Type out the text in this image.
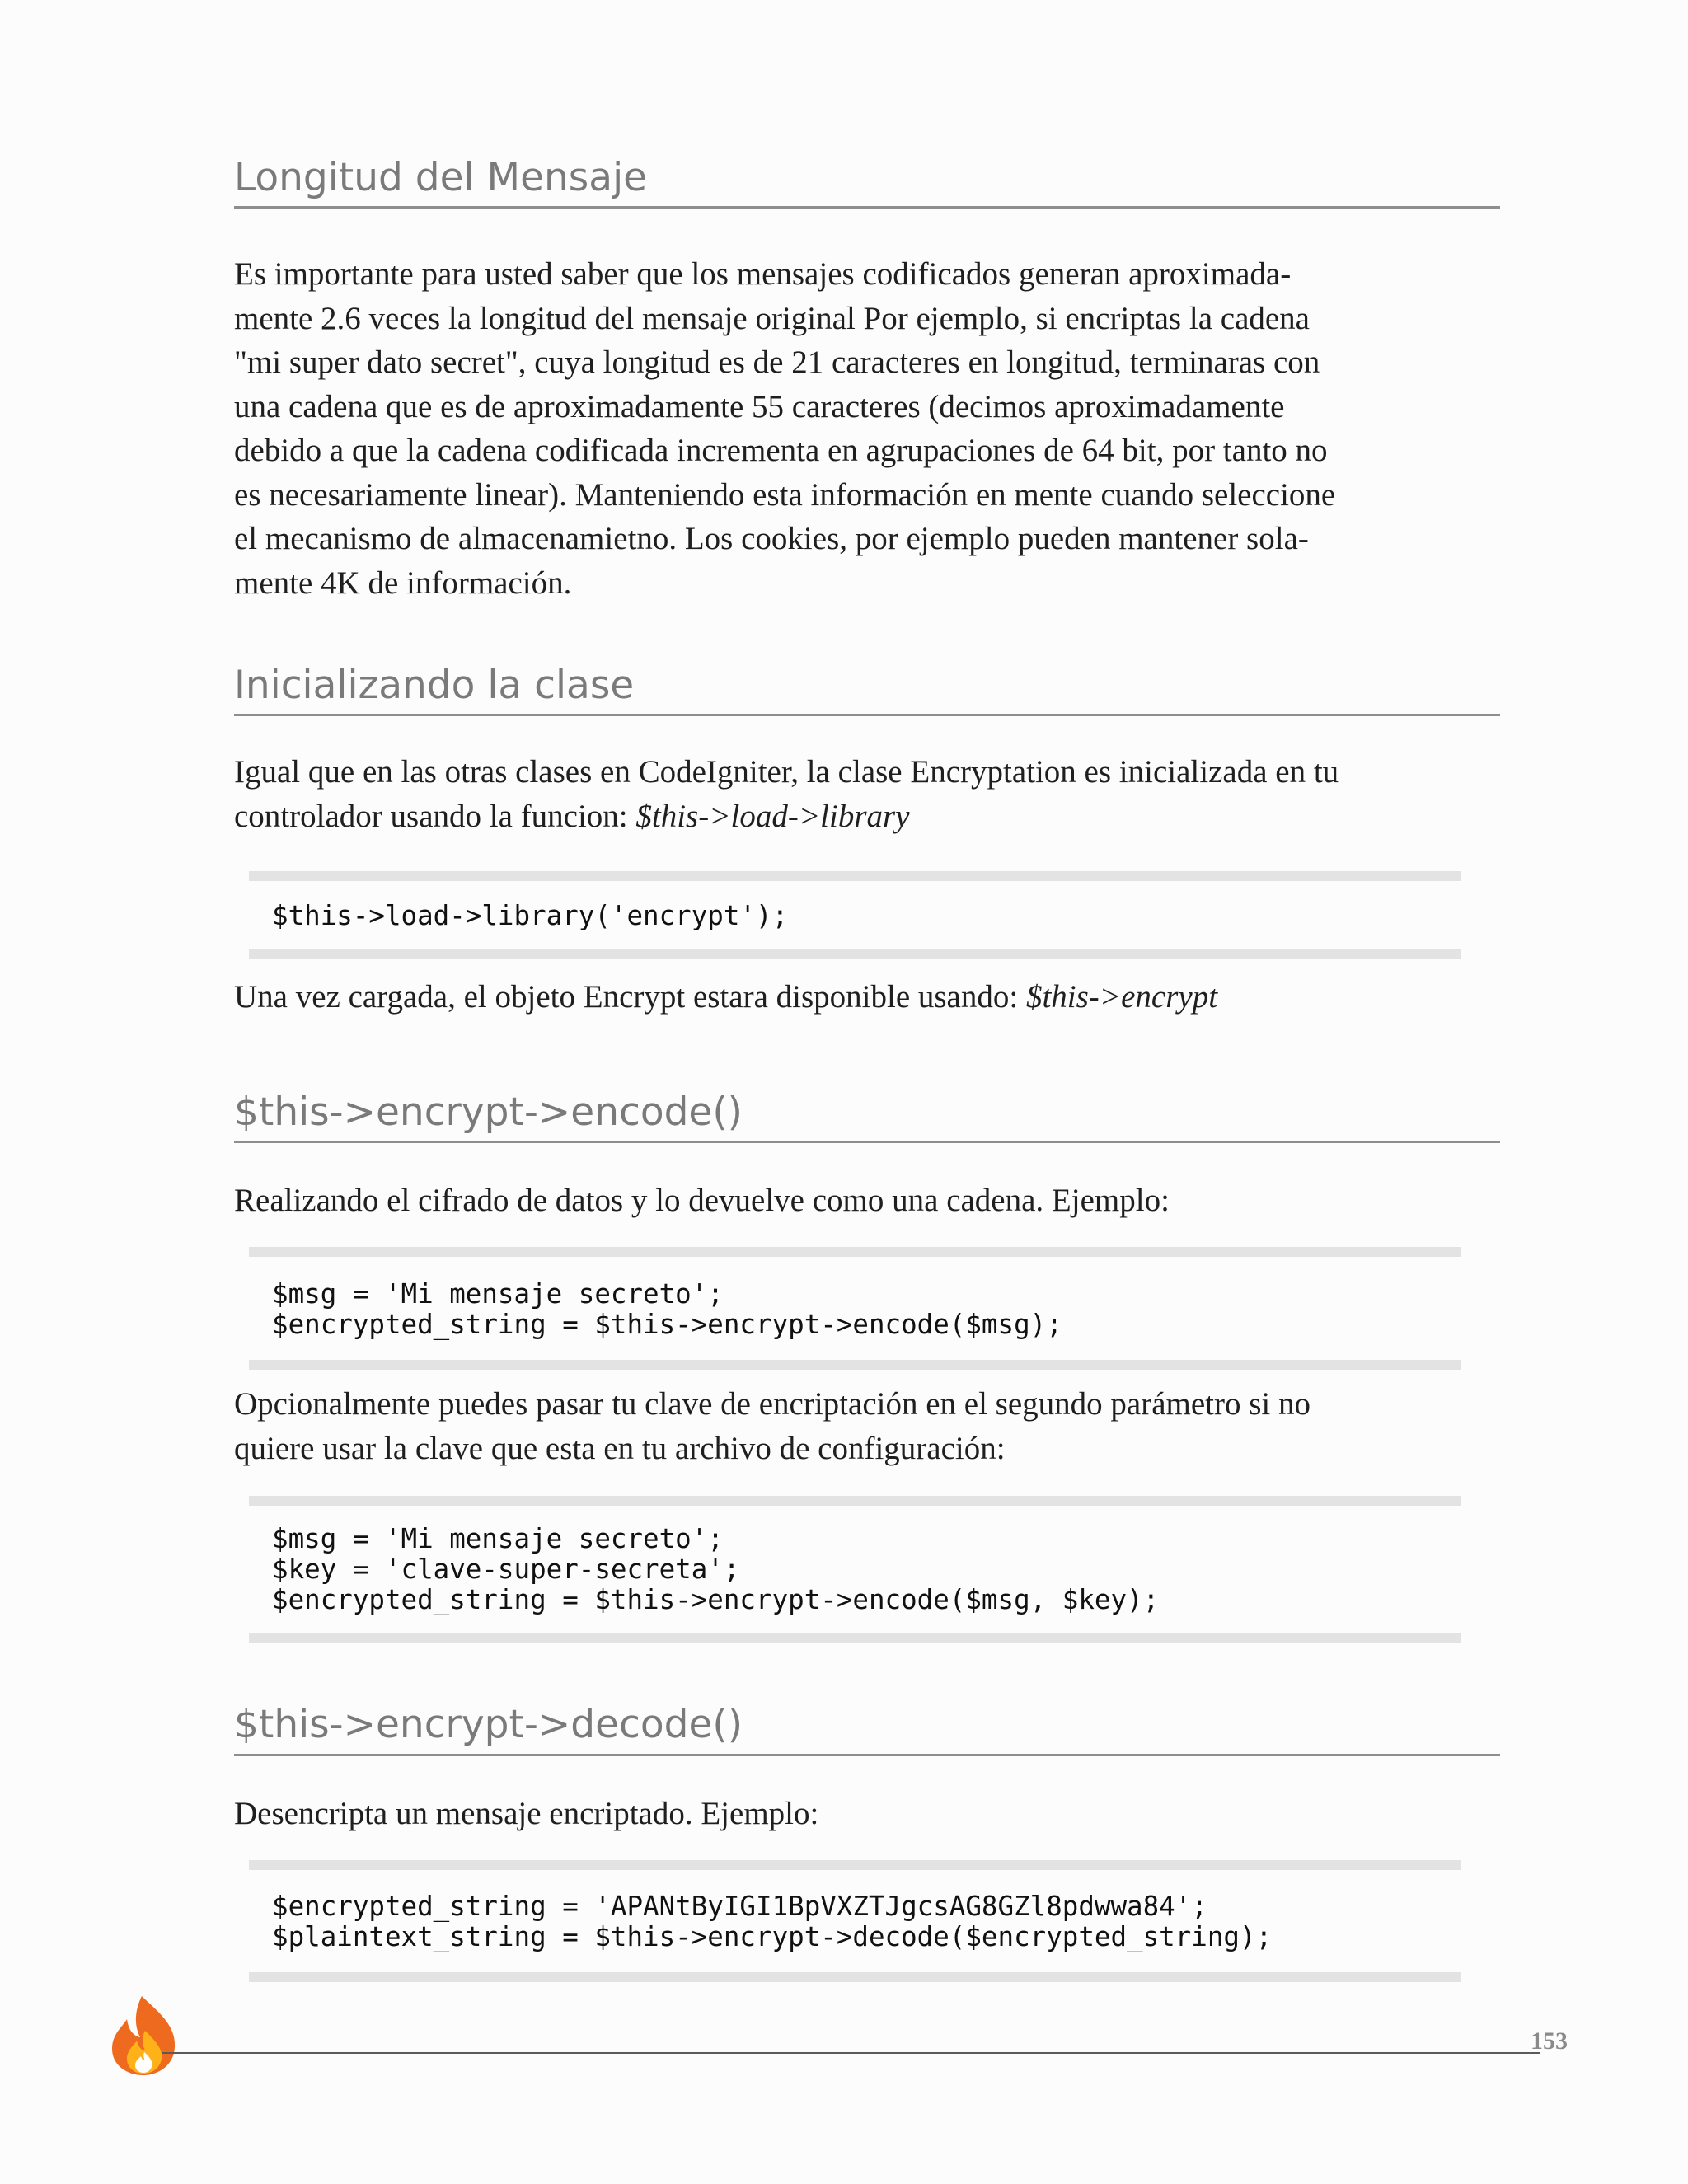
Longitud del Mensaje
Es importante para usted saber que los mensajes codificados generan aproximada-
mente 2.6 veces la longitud del mensaje original Por ejemplo, si encriptas la cadena
"mi super dato secret", cuya longitud es de 21 caracteres en longitud, terminaras con
una cadena que es de aproximadamente 55 caracteres (decimos aproximadamente
debido a que la cadena codificada incrementa en agrupaciones de 64 bit, por tanto no
es necesariamente linear). Manteniendo esta información en mente cuando seleccione
el mecanismo de almacenamietno. Los cookies, por ejemplo pueden mantener sola-
mente 4K de información.
Inicializando la clase
Igual que en las otras clases en CodeIgniter, la clase Encryptation es inicializada en tu
controlador usando la funcion: $this->load->library
$this->load->library('encrypt');
Una vez cargada, el objeto Encrypt estara disponible usando: $this->encrypt
$this->encrypt->encode()
Realizando el cifrado de datos y lo devuelve como una cadena. Ejemplo:
$msg = 'Mi mensaje secreto';
$encrypted_string = $this->encrypt->encode($msg);
Opcionalmente puedes pasar tu clave de encriptación en el segundo parámetro si no
quiere usar la clave que esta en tu archivo de configuración:
$msg = 'Mi mensaje secreto';
$key = 'clave-super-secreta';
$encrypted_string = $this->encrypt->encode($msg, $key);
$this->encrypt->decode()
Desencripta un mensaje encriptado. Ejemplo:
$encrypted_string = 'APANtByIGI1BpVXZTJgcsAG8GZl8pdwwa84';
$plaintext_string = $this->encrypt->decode($encrypted_string);
153
